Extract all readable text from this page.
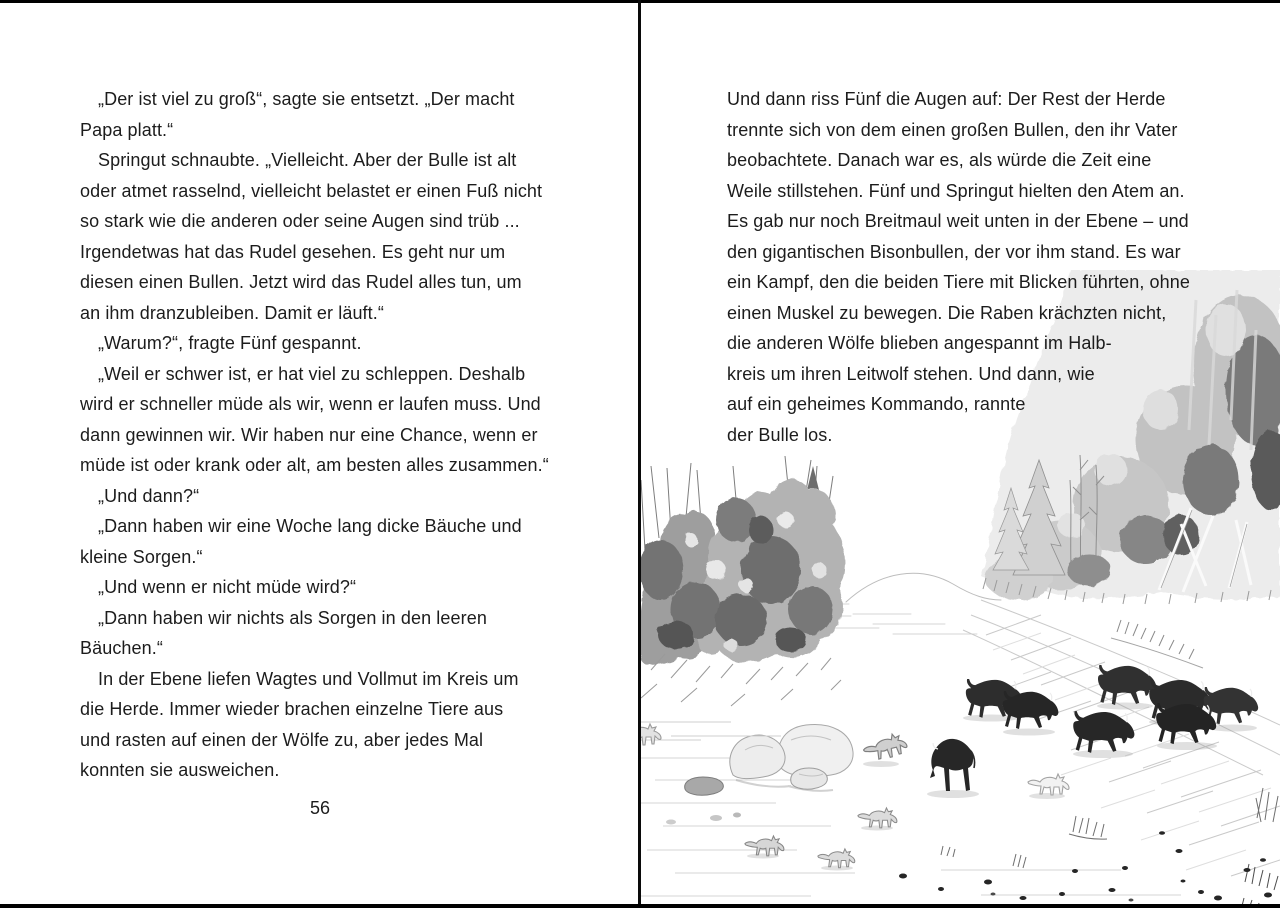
„Der ist viel zu groß“, sagte sie entsetzt. „Der macht
Papa platt.“
Springut schnaubte. „Vielleicht. Aber der Bulle ist alt
oder atmet rasselnd, vielleicht belastet er einen Fuß nicht
so stark wie die anderen oder seine Augen sind trüb ...
Irgendetwas hat das Rudel gesehen. Es geht nur um
diesen einen Bullen. Jetzt wird das Rudel alles tun, um
an ihm dranzubleiben. Damit er läuft.“
„Warum?“, fragte Fünf gespannt.
„Weil er schwer ist, er hat viel zu schleppen. Deshalb
wird er schneller müde als wir, wenn er laufen muss. Und
dann gewinnen wir. Wir haben nur eine Chance, wenn er
müde ist oder krank oder alt, am besten alles zusammen.“
„Und dann?“
„Dann haben wir eine Woche lang dicke Bäuche und
kleine Sorgen.“
„Und wenn er nicht müde wird?“
„Dann haben wir nichts als Sorgen in den leeren
Bäuchen.“
In der Ebene liefen Wagtes und Vollmut im Kreis um
die Herde. Immer wieder brachen einzelne Tiere aus
und rasten auf einen der Wölfe zu, aber jedes Mal
konnten sie ausweichen.
56
Und dann riss Fünf die Augen auf: Der Rest der Herde
trennte sich von dem einen großen Bullen, den ihr Vater
beobachtete. Danach war es, als würde die Zeit eine
Weile stillstehen. Fünf und Springut hielten den Atem an.
Es gab nur noch Breitmaul weit unten in der Ebene – und
den gigantischen Bisonbullen, der vor ihm stand. Es war
ein Kampf, den die beiden Tiere mit Blicken führten, ohne
einen Muskel zu bewegen. Die Raben krächzten nicht,
die anderen Wölfe blieben angespannt im Halb-
kreis um ihren Leitwolf stehen. Und dann, wie
auf ein geheimes Kommando, rannte
der Bulle los.
